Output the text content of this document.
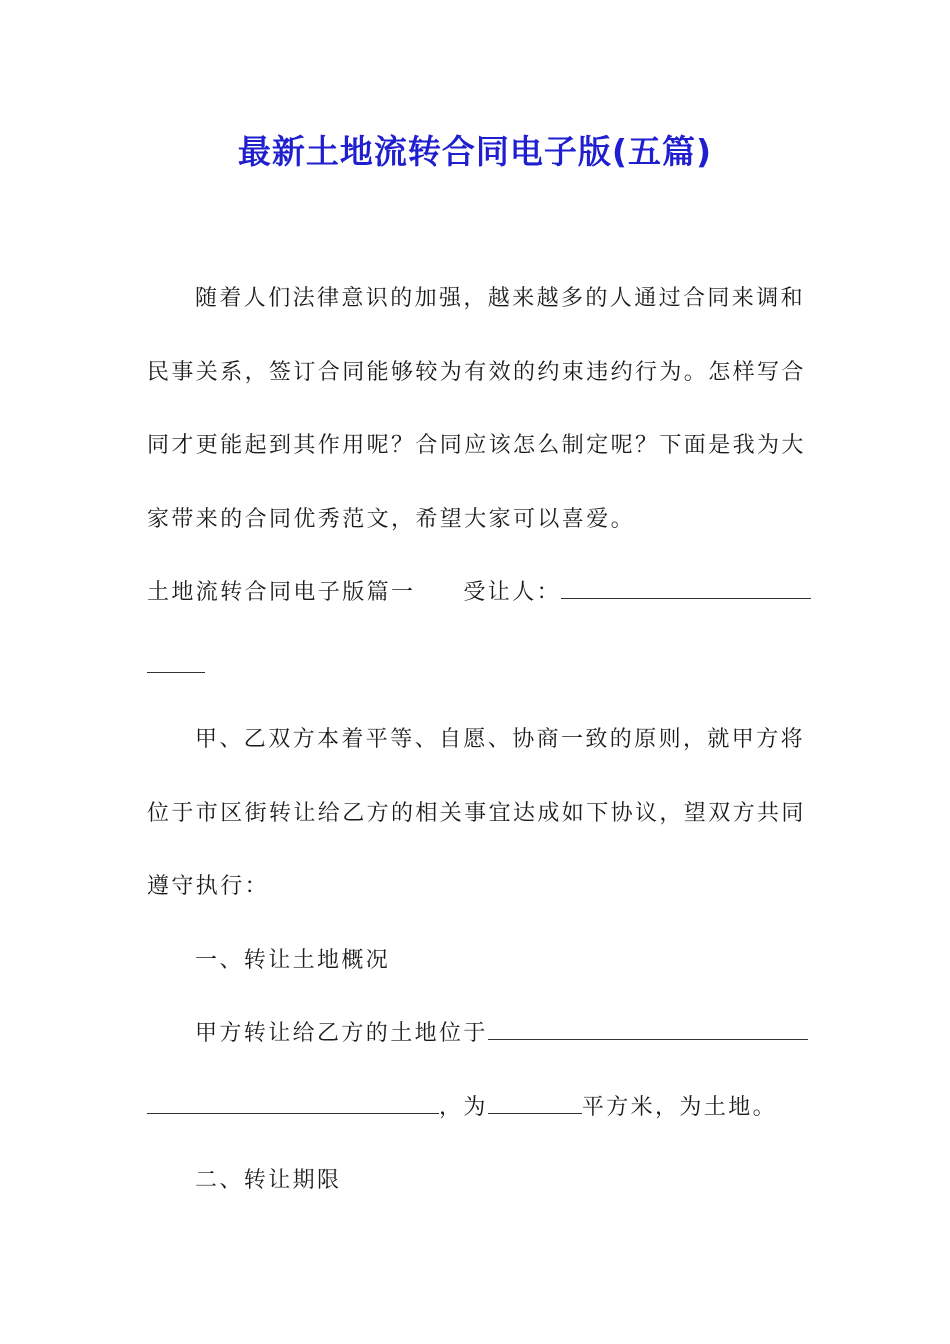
最新土地流转合同电子版(五篇)
随着人们法律意识的加强，越来越多的人通过合同来调和
民事关系，签订合同能够较为有效的约束违约行为。怎样写合
同才更能起到其作用呢？合同应该怎么制定呢？下面是我为大
家带来的合同优秀范文，希望大家可以喜爱。
土地流转合同电子版篇一 受让人：
甲、乙双方本着平等、自愿、协商一致的原则，就甲方将
位于市区街转让给乙方的相关事宜达成如下协议，望双方共同
遵守执行：
一、转让土地概况
甲方转让给乙方的土地位于
，为	平方米，为土地。
二、转让期限
